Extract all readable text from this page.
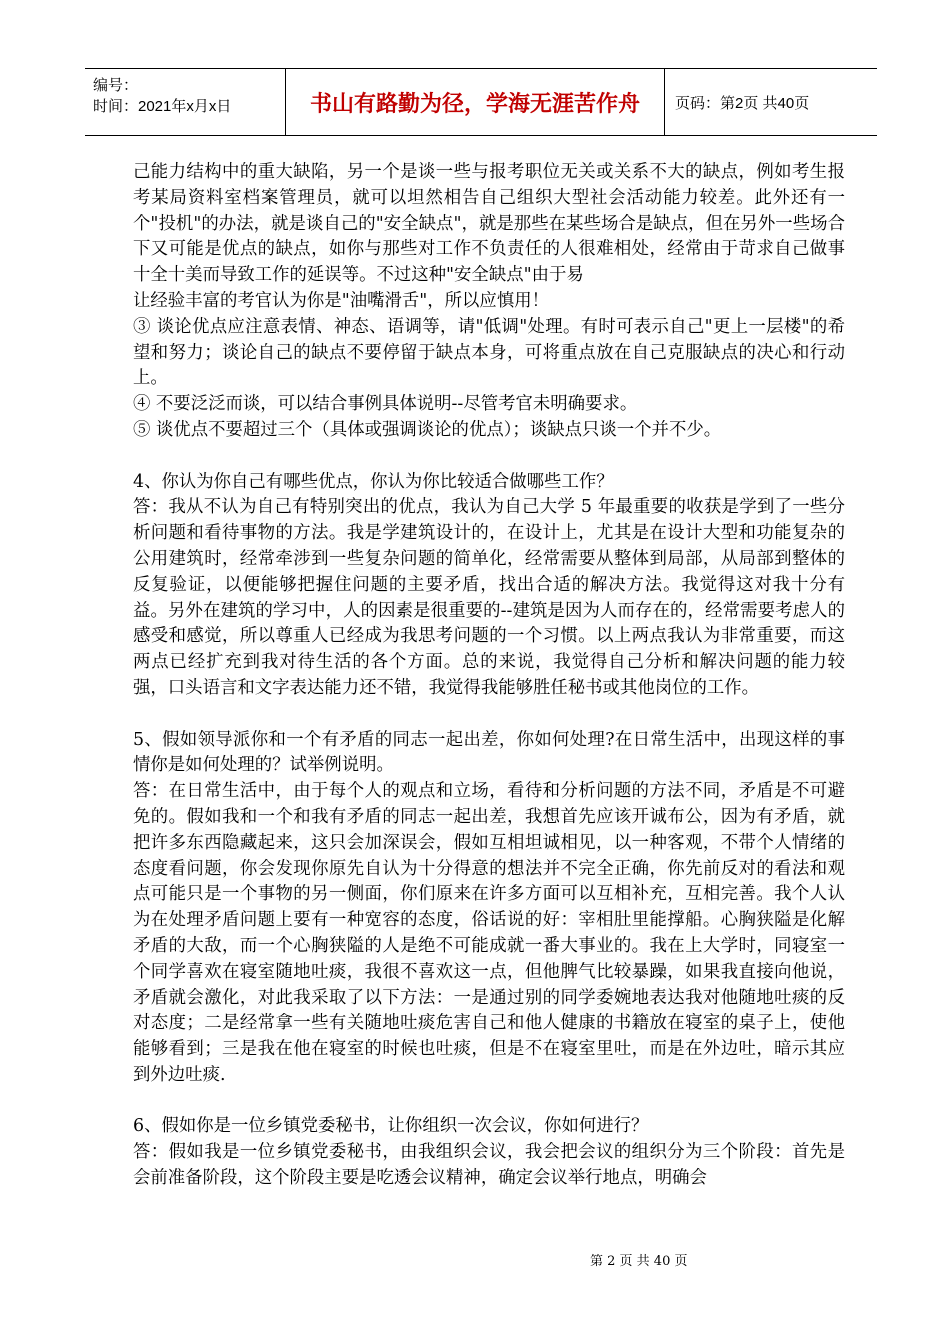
编号：
时间：2021年x月x日	书山有路勤为径，学海无涯苦作舟	页码：第2页 共40页

己能力结构中的重大缺陷，另一个是谈一些与报考职位无关或关系不大的缺点，例如考生报考某局资料室档案管理员，就可以坦然相告自己组织大型社会活动能力较差。此外还有一个"投机"的办法，就是谈自己的"安全缺点"，就是那些在某些场合是缺点，但在另外一些场合下又可能是优点的缺点，如你与那些对工作不负责任的人很难相处，经常由于苛求自己做事十全十美而导致工作的延误等。不过这种"安全缺点"由于易

让经验丰富的考官认为你是"油嘴滑舌"，所以应慎用！

③ 谈论优点应注意表情、神态、语调等，请"低调"处理。有时可表示自己"更上一层楼"的希望和努力；谈论自己的缺点不要停留于缺点本身，可将重点放在自己克服缺点的决心和行动上。

④ 不要泛泛而谈，可以结合事例具体说明--尽管考官未明确要求。

⑤ 谈优点不要超过三个（具体或强调谈论的优点）；谈缺点只谈一个并不少。

4、你认为你自己有哪些优点，你认为你比较适合做哪些工作？

答：我从不认为自己有特别突出的优点，我认为自己大学 5 年最重要的收获是学到了一些分析问题和看待事物的方法。我是学建筑设计的，在设计上，尤其是在设计大型和功能复杂的公用建筑时，经常牵涉到一些复杂问题的简单化，经常需要从整体到局部，从局部到整体的反复验证，以便能够把握住问题的主要矛盾，找出合适的解决方法。我觉得这对我十分有益。另外在建筑的学习中，人的因素是很重要的--建筑是因为人而存在的，经常需要考虑人的感受和感觉，所以尊重人已经成为我思考问题的一个习惯。以上两点我认为非常重要，而这两点已经扩充到我对待生活的各个方面。总的来说，我觉得自己分析和解决问题的能力较强，口头语言和文字表达能力还不错，我觉得我能够胜任秘书或其他岗位的工作。

5、假如领导派你和一个有矛盾的同志一起出差，你如何处理?在日常生活中，出现这样的事情你是如何处理的？试举例说明。

答：在日常生活中，由于每个人的观点和立场，看待和分析问题的方法不同，矛盾是不可避免的。假如我和一个和我有矛盾的同志一起出差，我想首先应该开诚布公，因为有矛盾，就把许多东西隐藏起来，这只会加深误会，假如互相坦诚相见，以一种客观，不带个人情绪的态度看问题，你会发现你原先自认为十分得意的想法并不完全正确，你先前反对的看法和观点可能只是一个事物的另一侧面，你们原来在许多方面可以互相补充，互相完善。我个人认为在处理矛盾问题上要有一种宽容的态度，俗话说的好：宰相肚里能撑船。心胸狭隘是化解矛盾的大敌，而一个心胸狭隘的人是绝不可能成就一番大事业的。我在上大学时，同寝室一个同学喜欢在寝室随地吐痰，我很不喜欢这一点，但他脾气比较暴躁，如果我直接向他说，矛盾就会激化，对此我采取了以下方法：一是通过别的同学委婉地表达我对他随地吐痰的反对态度；二是经常拿一些有关随地吐痰危害自己和他人健康的书籍放在寝室的桌子上，使他能够看到；三是我在他在寝室的时候也吐痰，但是不在寝室里吐，而是在外边吐，暗示其应到外边吐痰.

6、假如你是一位乡镇党委秘书，让你组织一次会议，你如何进行？

答：假如我是一位乡镇党委秘书，由我组织会议，我会把会议的组织分为三个阶段：首先是会前准备阶段，这个阶段主要是吃透会议精神，确定会议举行地点，明确会

第 2 页 共 40 页
